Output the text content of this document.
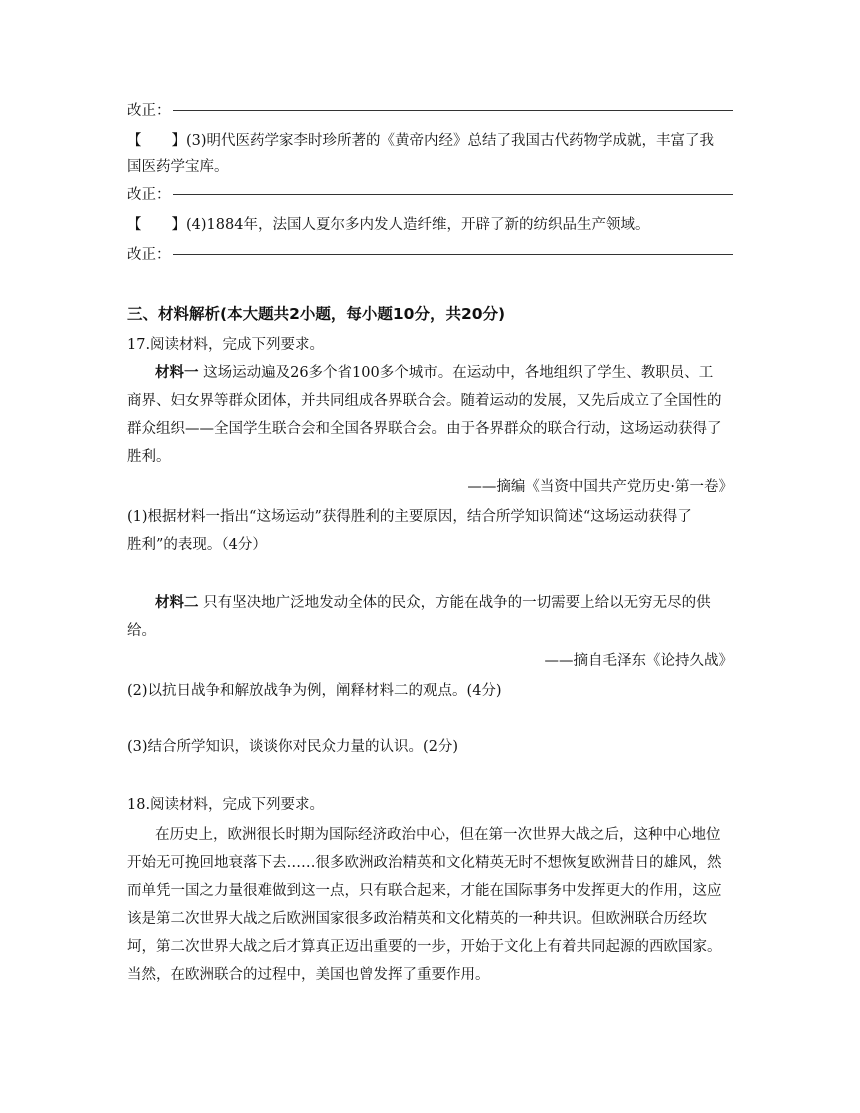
改正：
【 】(3)明代医药学家李时珍所著的《黄帝内经》总结了我国古代药物学成就，丰富了我
国医药学宝库。
改正：
【 】(4)1884年，法国人夏尔多内发人造纤维，开辟了新的纺织品生产领域。
改正：
三、材料解析(本大题共2小题，每小题10分，共20分)
17.阅读材料，完成下列要求。
材料一 这场运动遍及26多个省100多个城市。在运动中，各地组织了学生、教职员、工
商界、妇女界等群众团体，并共同组成各界联合会。随着运动的发展，又先后成立了全国性的
群众组织——全国学生联合会和全国各界联合会。由于各界群众的联合行动，这场运动获得了
胜利。
——摘编《当资中国共产党历史·第一卷》
(1)根据材料一指出“这场运动”获得胜利的主要原因，结合所学知识简述“这场运动获得了
胜利”的表现。（4分）
材料二 只有坚决地广泛地发动全体的民众，方能在战争的一切需要上给以无穷无尽的供
给。
——摘自毛泽东《论持久战》
(2)以抗日战争和解放战争为例，阐释材料二的观点。(4分)
(3)结合所学知识，谈谈你对民众力量的认识。(2分)
18.阅读材料，完成下列要求。
在历史上，欧洲很长时期为国际经济政治中心，但在第一次世界大战之后，这种中心地位
开始无可挽回地衰落下去……很多欧洲政治精英和文化精英无时不想恢复欧洲昔日的雄风，然
而单凭一国之力量很难做到这一点，只有联合起来，才能在国际事务中发挥更大的作用，这应
该是第二次世界大战之后欧洲国家很多政治精英和文化精英的一种共识。但欧洲联合历经坎
坷，第二次世界大战之后才算真正迈出重要的一步，开始于文化上有着共同起源的西欧国家。
当然，在欧洲联合的过程中，美国也曾发挥了重要作用。
